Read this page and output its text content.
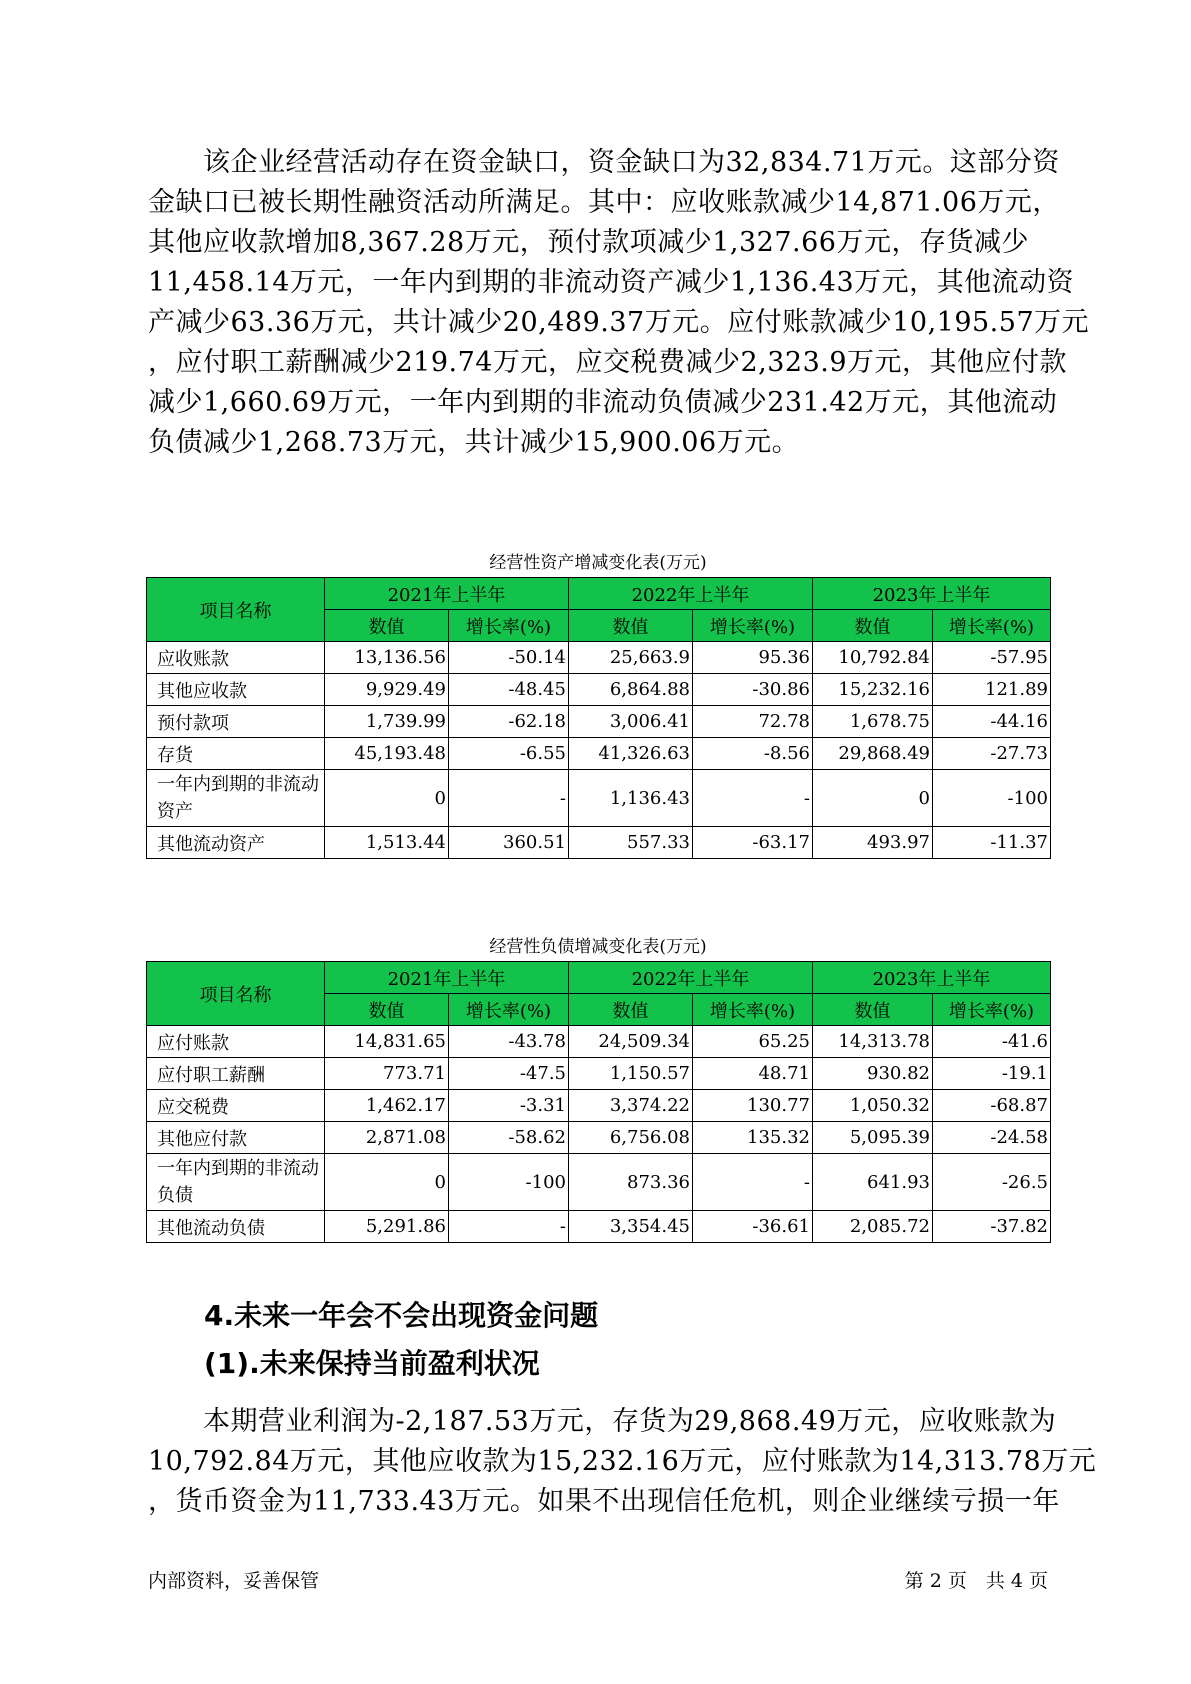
　　该企业经营活动存在资金缺口，资金缺口为32,834.71万元。这部分资
金缺口已被长期性融资活动所满足。其中：应收账款减少14,871.06万元，
其他应收款增加8,367.28万元，预付款项减少1,327.66万元，存货减少
11,458.14万元，一年内到期的非流动资产减少1,136.43万元，其他流动资
产减少63.36万元，共计减少20,489.37万元。应付账款减少10,195.57万元
，应付职工薪酬减少219.74万元，应交税费减少2,323.9万元，其他应付款
减少1,660.69万元，一年内到期的非流动负债减少231.42万元，其他流动
负债减少1,268.73万元，共计减少15,900.06万元。
经营性资产增减变化表(万元)
项目名称	2021年上半年		2022年上半年		2023年上半年	
	数值	增长率(%)	数值	增长率(%)	数值	增长率(%)
应收账款	13,136.56	-50.14	25,663.9	95.36	10,792.84	-57.95
其他应收款	9,929.49	-48.45	6,864.88	-30.86	15,232.16	121.89
预付款项	1,739.99	-62.18	3,006.41	72.78	1,678.75	-44.16
存货	45,193.48	-6.55	41,326.63	-8.56	29,868.49	-27.73
一年内到期的非流动资产	0	-	1,136.43	-	0	-100
其他流动资产	1,513.44	360.51	557.33	-63.17	493.97	-11.37
经营性负债增减变化表(万元)
项目名称	2021年上半年		2022年上半年		2023年上半年	
	数值	增长率(%)	数值	增长率(%)	数值	增长率(%)
应付账款	14,831.65	-43.78	24,509.34	65.25	14,313.78	-41.6
应付职工薪酬	773.71	-47.5	1,150.57	48.71	930.82	-19.1
应交税费	1,462.17	-3.31	3,374.22	130.77	1,050.32	-68.87
其他应付款	2,871.08	-58.62	6,756.08	135.32	5,095.39	-24.58
一年内到期的非流动负债	0	-100	873.36	-	641.93	-26.5
其他流动负债	5,291.86	-	3,354.45	-36.61	2,085.72	-37.82
4.未来一年会不会出现资金问题
(1).未来保持当前盈利状况
　　本期营业利润为-2,187.53万元，存货为29,868.49万元，应收账款为
10,792.84万元，其他应收款为15,232.16万元，应付账款为14,313.78万元
，货币资金为11,733.43万元。如果不出现信任危机，则企业继续亏损一年
内部资料，妥善保管	第 2 页　共 4 页
